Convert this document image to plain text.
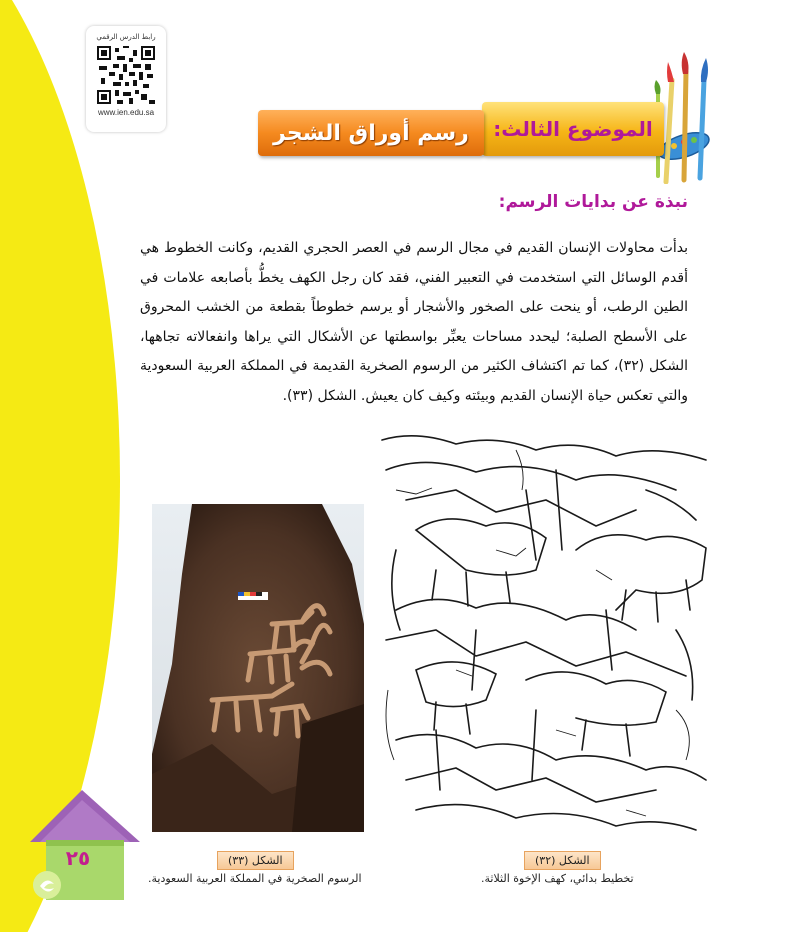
رابط الدرس الرقمي
www.ien.edu.sa
الموضوع الثالث:
رسم أوراق الشجر
نبذة عن بدايات الرسم:

بدأت محاولات الإنسان القديم في مجال الرسم في العصر الحجري القديم، وكانت الخطوط هي أقدم الوسائل التي استخدمت في التعبير الفني، فقد كان رجل الكهف يخطُّ بأصابعه علامات في الطين الرطب، أو ينحت على الصخور والأشجار أو يرسم خطوطاً بقطعة من الخشب المحروق على الأسطح الصلبة؛ ليحدد مساحات يعبِّر بواسطتها عن الأشكال التي يراها وانفعالاته تجاهها، الشكل (٣٢)، كما تم اكتشاف الكثير من الرسوم الصخرية القديمة في المملكة العربية السعودية والتي تعكس حياة الإنسان القديم وبيئته وكيف كان يعيش. الشكل (٣٣).

الشكل (٣٣)
الرسوم الصخرية في المملكة العربية السعودية.
الشكل (٣٢)
تخطيط بدائي، كهف الإخوة الثلاثة.
٢٥
